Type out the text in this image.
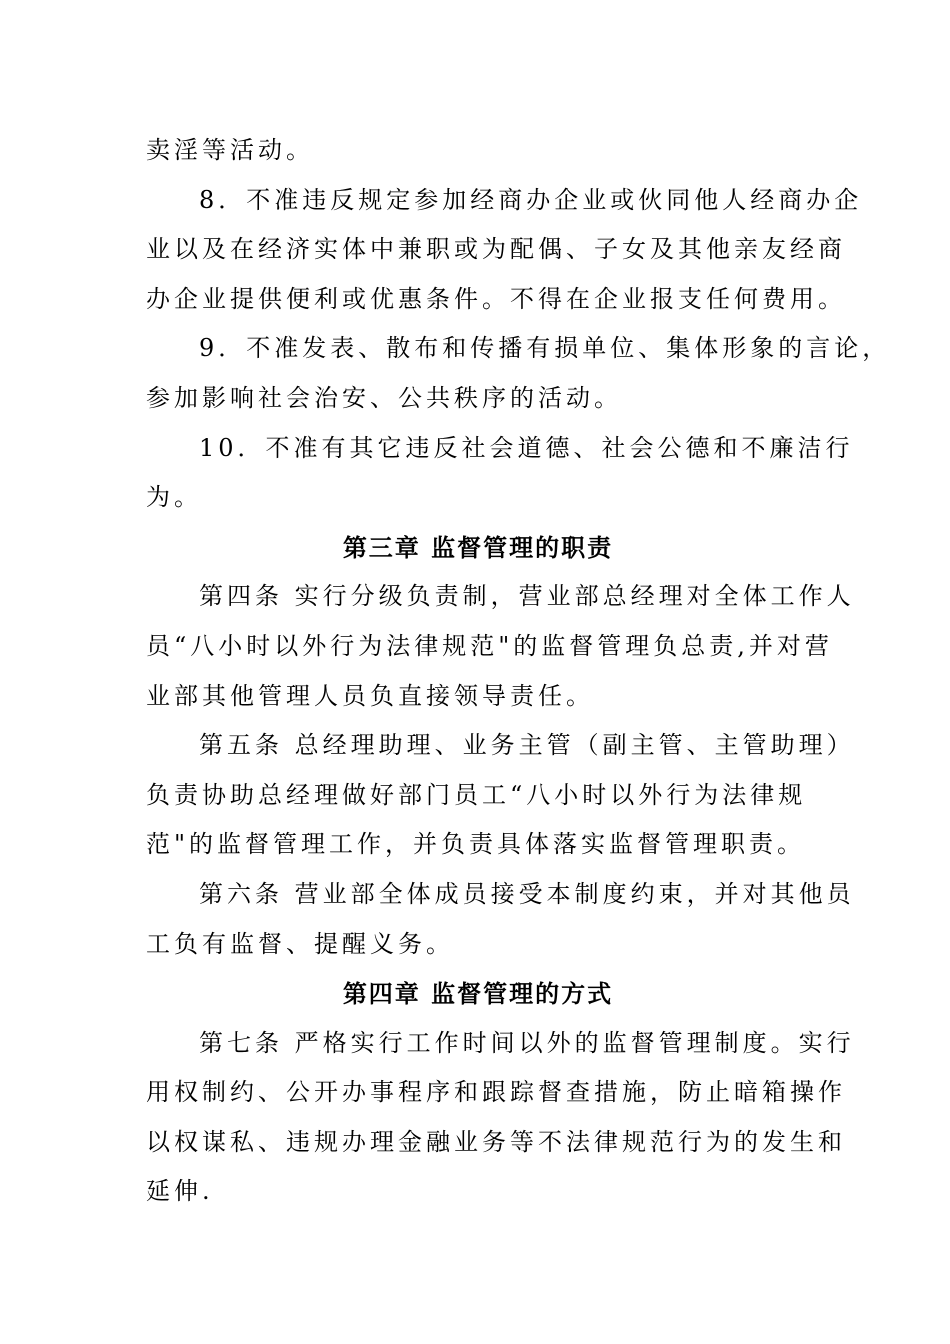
卖淫等活动。
8．不准违反规定参加经商办企业或伙同他人经商办企
业以及在经济实体中兼职或为配偶、子女及其他亲友经商
办企业提供便利或优惠条件。不得在企业报支任何费用。
9．不准发表、散布和传播有损单位、集体形象的言论，
参加影响社会治安、公共秩序的活动。
10．不准有其它违反社会道德、社会公德和不廉洁行
为。
第三章 监督管理的职责
第四条 实行分级负责制，营业部总经理对全体工作人
员“八小时以外行为法律规范"的监督管理负总责,并对营
业部其他管理人员负直接领导责任。
第五条 总经理助理、业务主管（副主管、主管助理）
负责协助总经理做好部门员工“八小时以外行为法律规
范"的监督管理工作，并负责具体落实监督管理职责。
第六条 营业部全体成员接受本制度约束，并对其他员
工负有监督、提醒义务。
第四章 监督管理的方式
第七条 严格实行工作时间以外的监督管理制度。实行
用权制约、公开办事程序和跟踪督查措施，防止暗箱操作
以权谋私、违规办理金融业务等不法律规范行为的发生和
延伸.
